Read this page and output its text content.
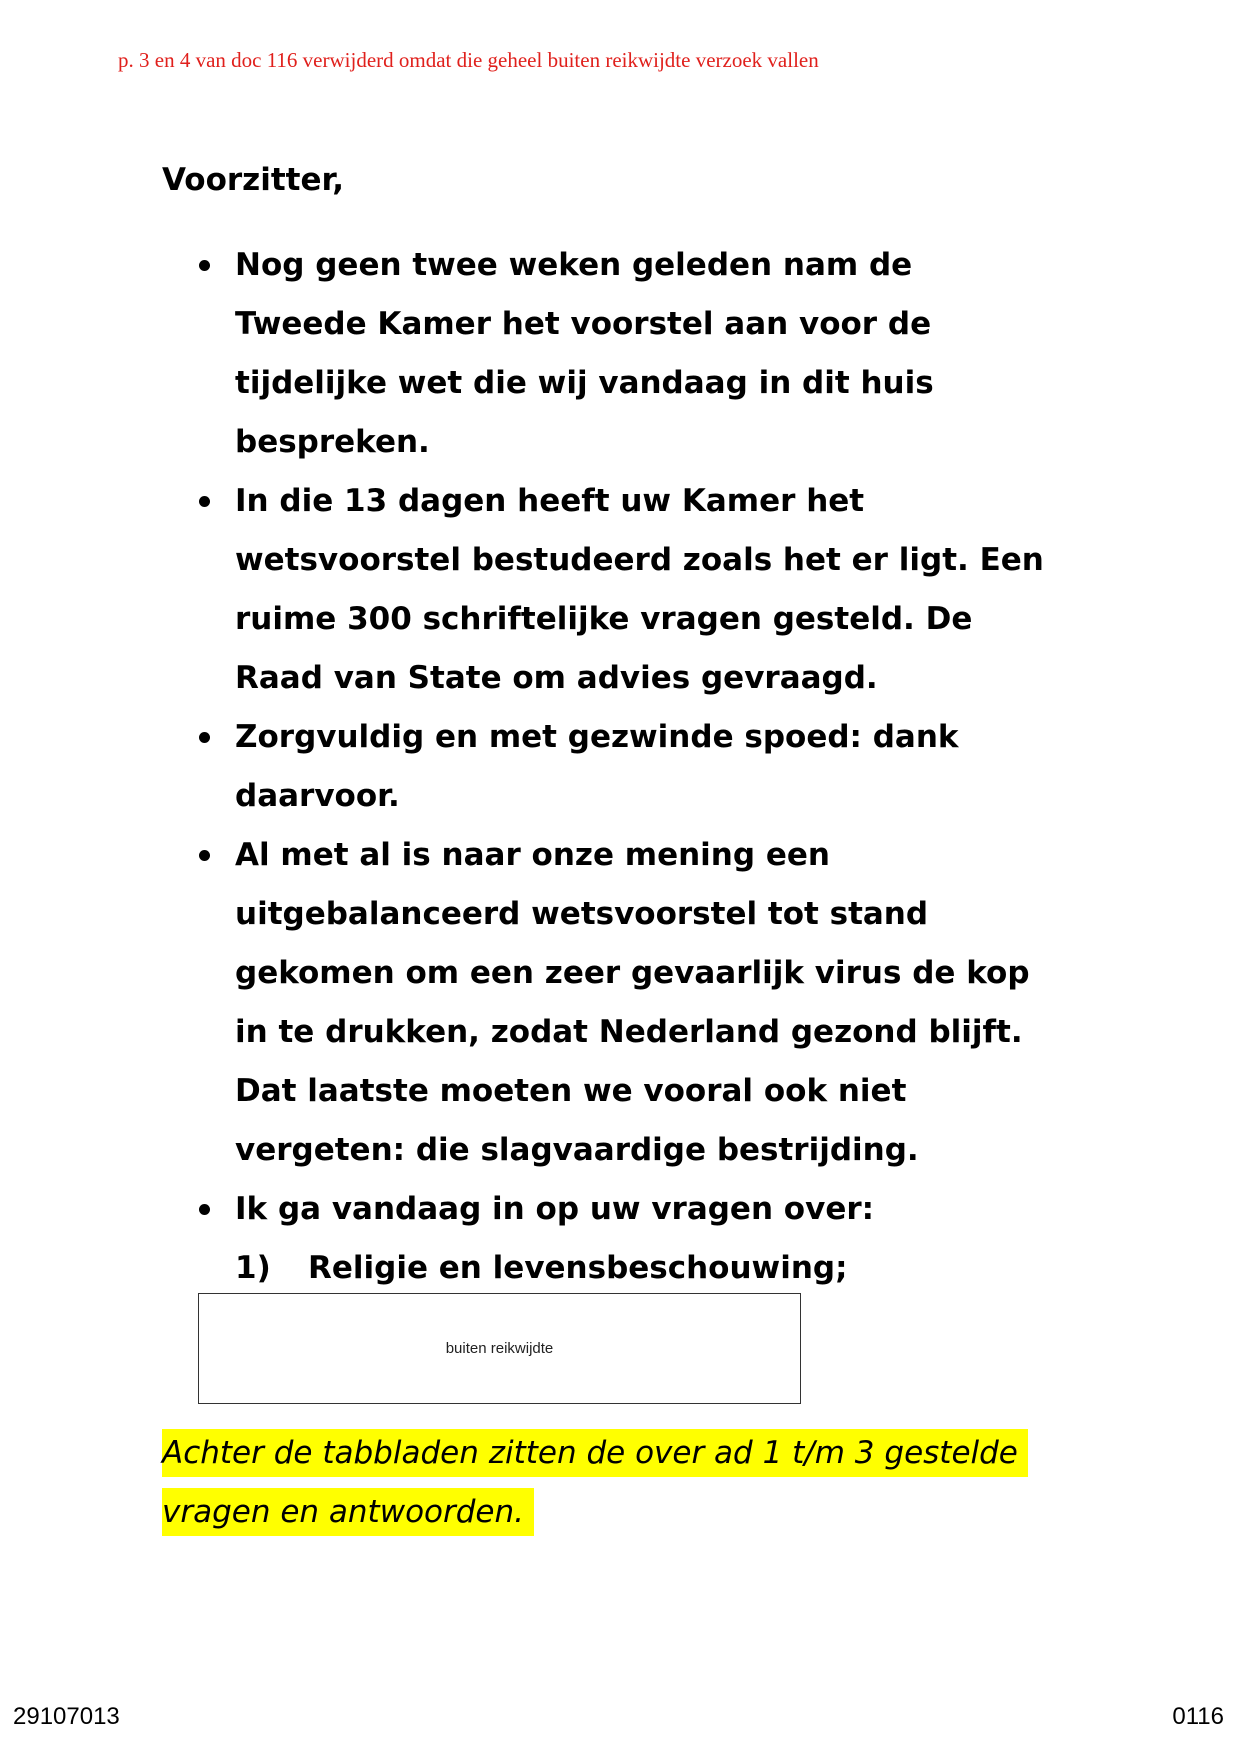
p. 3 en 4 van doc 116 verwijderd omdat die geheel buiten reikwijdte verzoek vallen
Voorzitter,
Nog geen twee weken geleden nam de
Tweede Kamer het voorstel aan voor de
tijdelijke wet die wij vandaag in dit huis
bespreken.
In die 13 dagen heeft uw Kamer het
wetsvoorstel bestudeerd zoals het er ligt. Een
ruime 300 schriftelijke vragen gesteld. De
Raad van State om advies gevraagd.
Zorgvuldig en met gezwinde spoed: dank
daarvoor.
Al met al is naar onze mening een
uitgebalanceerd wetsvoorstel tot stand
gekomen om een zeer gevaarlijk virus de kop
in te drukken, zodat Nederland gezond blijft.
Dat laatste moeten we vooral ook niet
vergeten: die slagvaardige bestrijding.
Ik ga vandaag in op uw vragen over:
1) Religie en levensbeschouwing;
buiten reikwijdte
Achter de tabbladen zitten de over ad 1 t/m 3 gestelde
vragen en antwoorden.
29107013	0116
